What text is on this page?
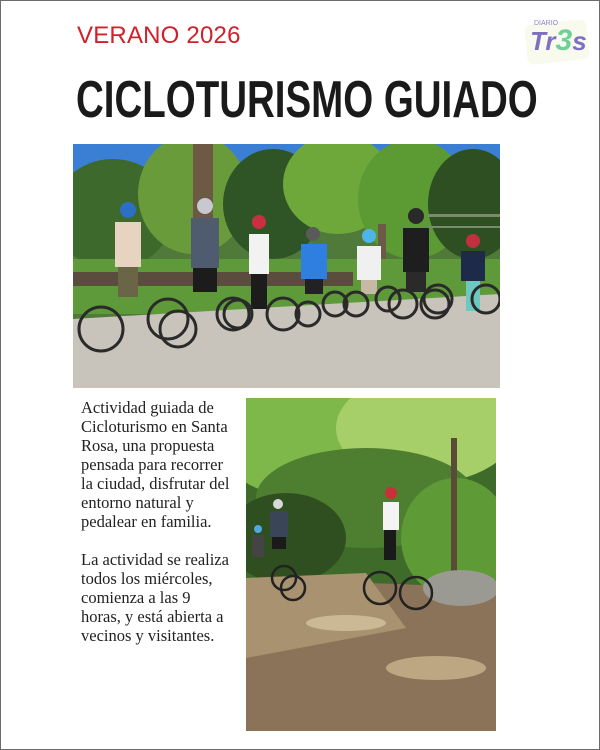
VERANO 2026	DIARIO
Tr3s
CICLOTURISMO GUIADO

Actividad guiada de Cicloturismo en Santa Rosa, una propuesta pensada para recorrer la ciudad, disfrutar del entorno natural y pedalear en familia.

La actividad se realiza todos los miércoles, comienza a las 9 horas, y está abierta a vecinos y visitantes.
